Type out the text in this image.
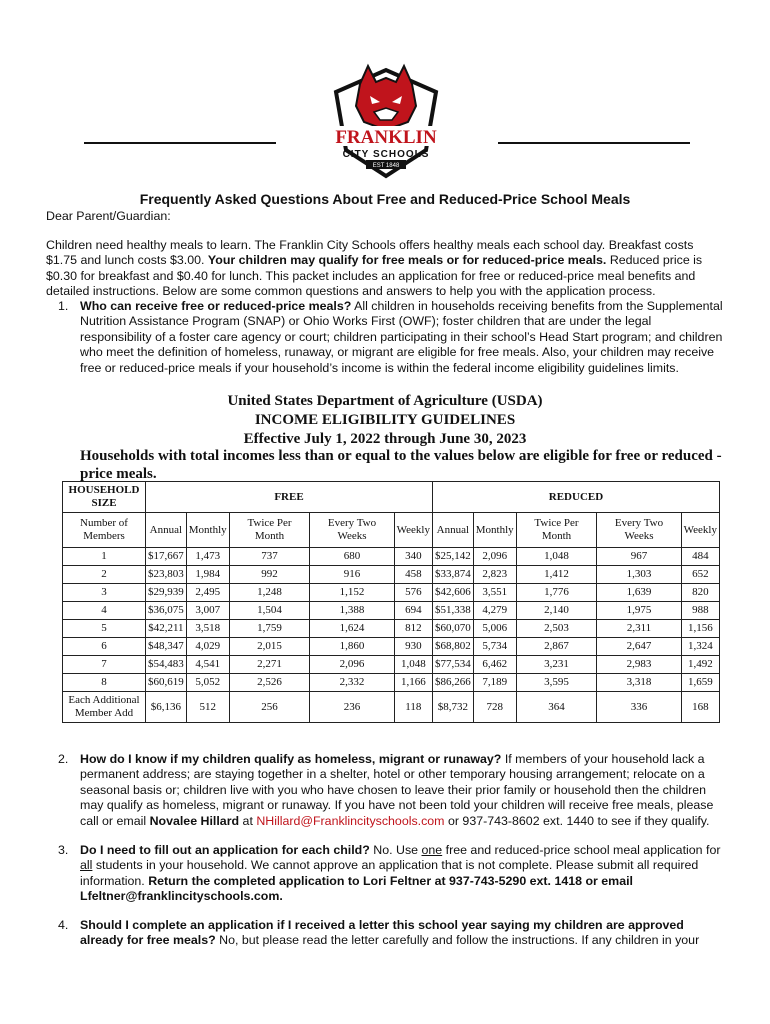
FRANKLIN
CITY SCHOOLS
EST 1848
Frequently Asked Questions About Free and Reduced-Price School Meals
Dear Parent/Guardian:
Children need healthy meals to learn. The Franklin City Schools offers healthy meals each school day. Breakfast costs $1.75 and lunch costs $3.00. Your children may qualify for free meals or for reduced-price meals. Reduced price is $0.30 for breakfast and $0.40 for lunch. This packet includes an application for free or reduced-price meal benefits and detailed instructions. Below are some common questions and answers to help you with the application process.
1. Who can receive free or reduced-price meals? All children in households receiving benefits from the Supplemental Nutrition Assistance Program (SNAP) or Ohio Works First (OWF); foster children that are under the legal responsibility of a foster care agency or court; children participating in their school’s Head Start program; and children who meet the definition of homeless, runaway, or migrant are eligible for free meals. Also, your children may receive free or reduced-price meals if your household’s income is within the federal income eligibility guidelines limits.
United States Department of Agriculture (USDA)
INCOME ELIGIBILITY GUIDELINES
Effective July 1, 2022 through June 30, 2023
Households with total incomes less than or equal to the values below are eligible for free or reduced -price meals.
HOUSEHOLD SIZE	FREE					REDUCED				
Number of Members	Annual	Monthly	Twice Per Month	Every Two Weeks	Weekly	Annual	Monthly	Twice Per Month	Every Two Weeks	Weekly
1	$17,667	1,473	737	680	340	$25,142	2,096	1,048	967	484
2	$23,803	1,984	992	916	458	$33,874	2,823	1,412	1,303	652
3	$29,939	2,495	1,248	1,152	576	$42,606	3,551	1,776	1,639	820
4	$36,075	3,007	1,504	1,388	694	$51,338	4,279	2,140	1,975	988
5	$42,211	3,518	1,759	1,624	812	$60,070	5,006	2,503	2,311	1,156
6	$48,347	4,029	2,015	1,860	930	$68,802	5,734	2,867	2,647	1,324
7	$54,483	4,541	2,271	2,096	1,048	$77,534	6,462	3,231	2,983	1,492
8	$60,619	5,052	2,526	2,332	1,166	$86,266	7,189	3,595	3,318	1,659
Each Additional Member Add	$6,136	512	256	236	118	$8,732	728	364	336	168
2. How do I know if my children qualify as homeless, migrant or runaway? If members of your household lack a permanent address; are staying together in a shelter, hotel or other temporary housing arrangement; relocate on a seasonal basis or; children live with you who have chosen to leave their prior family or household then the children may qualify as homeless, migrant or runaway. If you have not been told your children will receive free meals, please call or email Novalee Hillard at NHillard@Franklincityschools.com or 937-743-8602 ext. 1440 to see if they qualify.
3. Do I need to fill out an application for each child? No. Use one free and reduced-price school meal application for all students in your household. We cannot approve an application that is not complete. Please submit all required information. Return the completed application to Lori Feltner at 937-743-5290 ext. 1418 or email Lfeltner@franklincityschools.com.
4. Should I complete an application if I received a letter this school year saying my children are approved already for free meals? No, but please read the letter carefully and follow the instructions. If any children in your
